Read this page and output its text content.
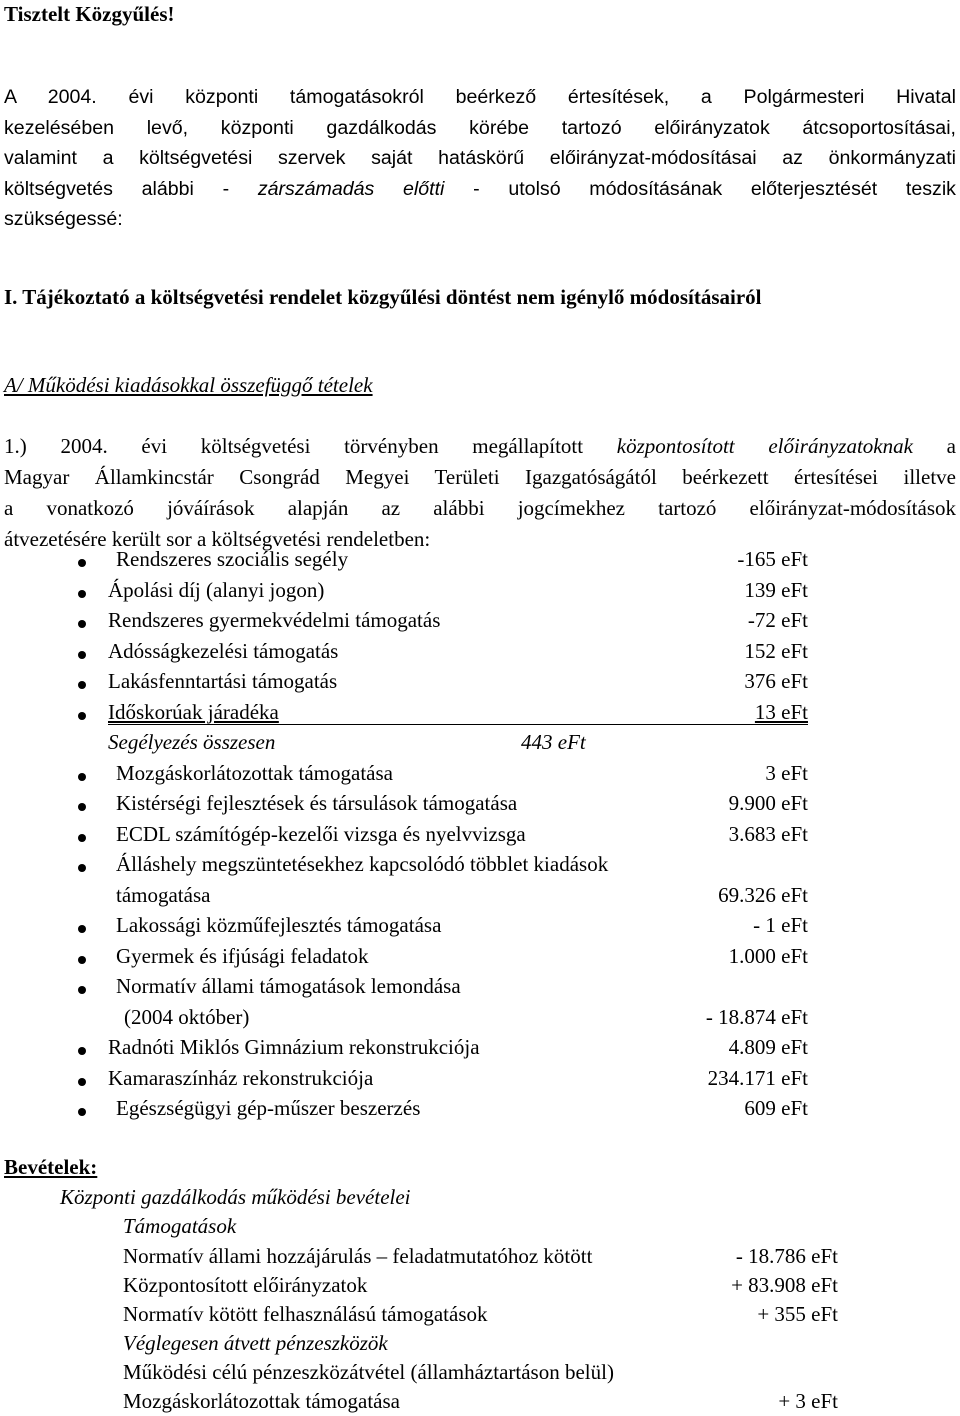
Tisztelt Közgyűlés!
A 2004. évi központi támogatásokról beérkező értesítések, a Polgármesteri Hivatal
kezelésében levő, központi gazdálkodás körébe tartozó előirányzatok átcsoportosításai,
valamint a költségvetési szervek saját hatáskörű előirányzat-módosításai az önkormányzati
költségvetés alábbi - zárszámadás előtti - utolsó módosításának előterjesztését teszik
szükségessé:
I. Tájékoztató a költségvetési rendelet közgyűlési döntést nem igénylő módosításairól
A/ Működési kiadásokkal összefüggő tételek
1.) 2004. évi költségvetési törvényben megállapított központosított előirányzatoknak a
Magyar Államkincstár Csongrád Megyei Területi Igazgatóságától beérkezett értesítései illetve
a vonatkozó jóváírások alapján az alábbi jogcímekhez tartozó előirányzat-módosítások
átvezetésére került sor a költségvetési rendeletben:
Rendszeres szociális segély	-165 eFt
Ápolási díj (alanyi jogon)	139 eFt
Rendszeres gyermekvédelmi támogatás	-72 eFt
Adósságkezelési támogatás	152 eFt
Lakásfenntartási támogatás	376 eFt
Időskorúak járadéka	13 eFt
Segélyezés összesen	443 eFt
Mozgáskorlátozottak támogatása	3 eFt
Kistérségi fejlesztések és társulások támogatása	9.900 eFt
ECDL számítógép-kezelői vizsga és nyelvvizsga	3.683 eFt
Álláshely megszüntetésekhez kapcsolódó többlet kiadások
támogatása	69.326 eFt
Lakossági közműfejlesztés támogatása	- 1 eFt
Gyermek és ifjúsági feladatok	1.000 eFt
Normatív állami támogatások lemondása
(2004 október)	- 18.874 eFt
Radnóti Miklós Gimnázium rekonstrukciója	4.809 eFt
Kamaraszínház rekonstrukciója	234.171 eFt
Egészségügyi gép-műszer beszerzés	609 eFt
Bevételek:
Központi gazdálkodás működési bevételei
Támogatások
Normatív állami hozzájárulás – feladatmutatóhoz kötött	- 18.786 eFt
Központosított előirányzatok	+ 83.908 eFt
Normatív kötött felhasználású támogatások	+ 355 eFt
Véglegesen átvett pénzeszközök
Működési célú pénzeszközátvétel (államháztartáson belül)
Mozgáskorlátozottak támogatása	+ 3 eFt
